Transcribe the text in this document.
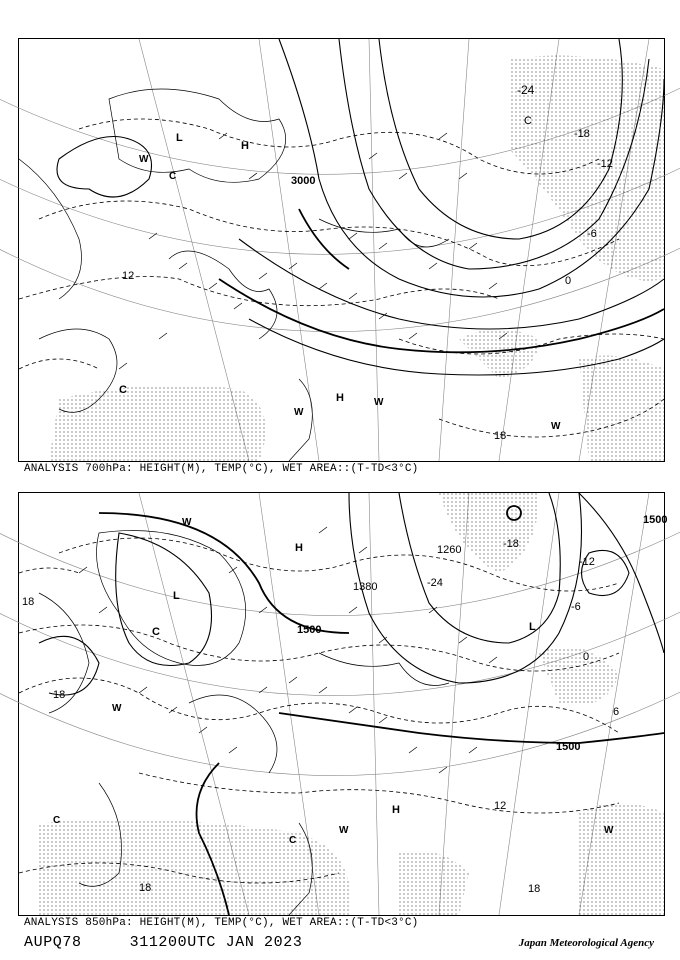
3000
-24
-18
-12
-6
0
12
18
C
L
H
H
C
W
W
W
W
C
ANALYSIS 700hPa: HEIGHT(M), TEMP(°C), WET AREA::(T-TD<3°C)
1500
1500
1500
1260
1380	-24
-18
-12
-6
0
6
12
18
18
18	18
H
H
L
L
C
W
W	W
W
C
C
ANALYSIS 850hPa: HEIGHT(M), TEMP(°C), WET AREA::(T-TD<3°C)
AUPQ78	311200UTC JAN 2023	Japan Meteorological Agency
